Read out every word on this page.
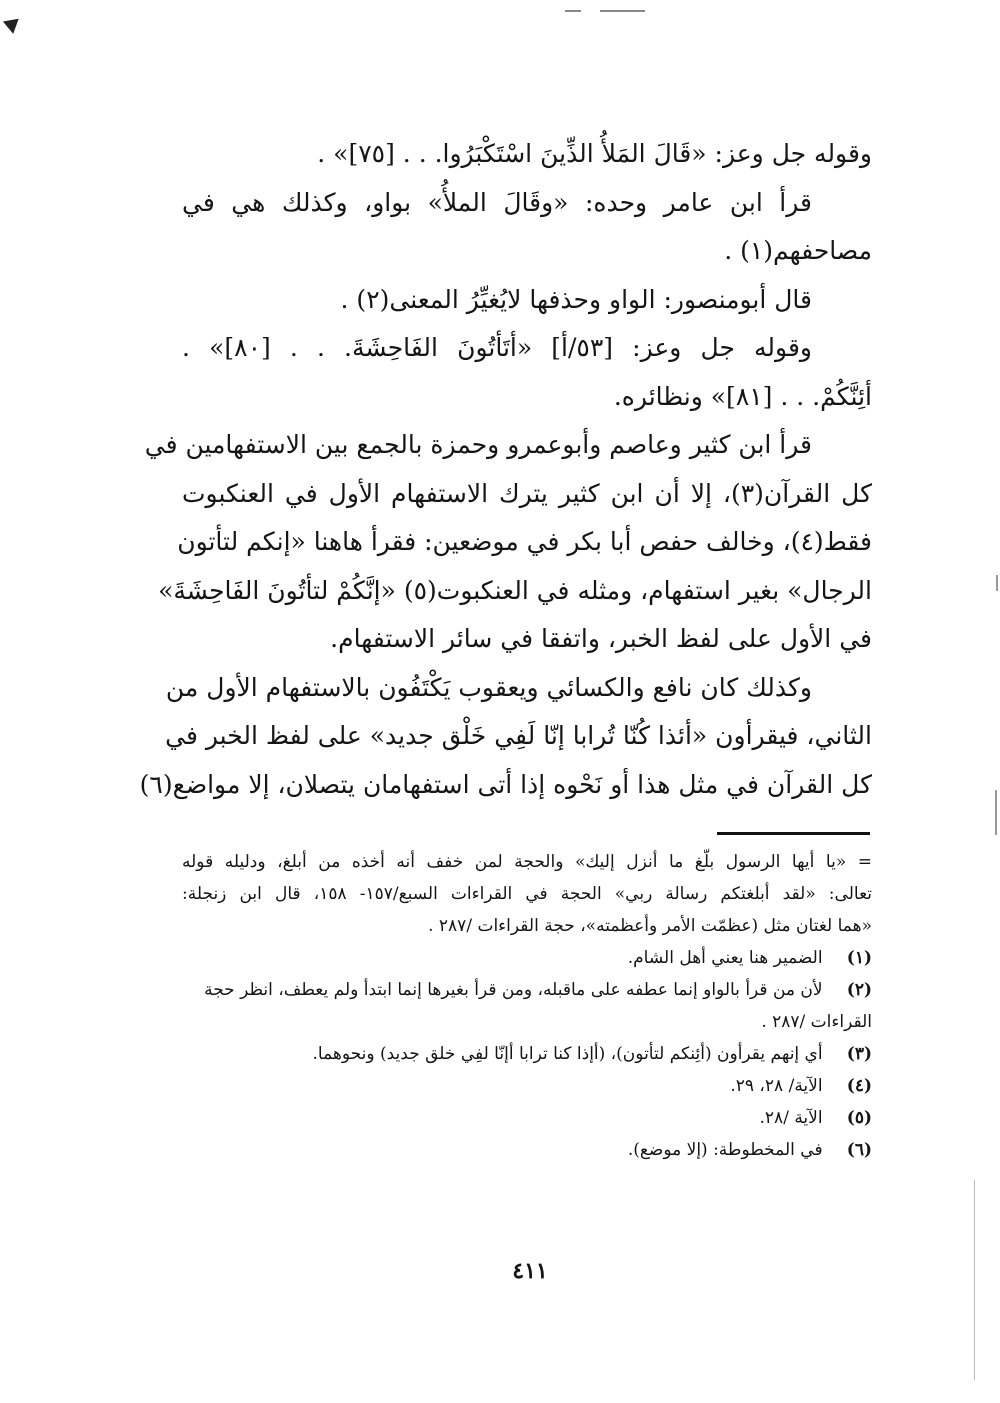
وقوله جل وعز: «قَالَ المَلأُ الذِّينَ اسْتَكْبَرُوا. . . [٧٥]» .
قرأ ابن عامر وحده: «وقَالَ الملأُ» بواو، وكذلك هي في
مصاحفهم(١) .
قال أبومنصور: الواو وحذفها لايُغيِّرُ المعنى(٢) .
وقوله جل وعز: [٥٣/أ] «أتَأتُونَ الفَاحِشَةَ. . . [٨٠]» .
أئِنَّكُمْ. . . [٨١]» ونظائره.
قرأ ابن كثير وعاصم وأبوعمرو وحمزة بالجمع بين الاستفهامين في
كل القرآن(٣)، إلا أن ابن كثير يترك الاستفهام الأول في العنكبوت
فقط(٤)، وخالف حفص أبا بكر في موضعين: فقرأ هاهنا «إنكم لتأتون
الرجال» بغير استفهام، ومثله في العنكبوت(٥) «إنَّكُمْ لتأتُونَ الفَاحِشَةَ»
في الأول على لفظ الخبر، واتفقا في سائر الاستفهام.
وكذلك كان نافع والكسائي ويعقوب يَكْتَفُون بالاستفهام الأول من
الثاني، فيقرأون «أئذا كُنّا تُرابا إنّا لَفِي خَلْق جديد» على لفظ الخبر في
كل القرآن في مثل هذا أو نَحْوه إذا أتى استفهامان يتصلان، إلا مواضع(٦)
= «يا أيها الرسول بلّغ ما أنزل إليك» والحجة لمن خفف أنه أخذه من أبلغ، ودليله قوله
تعالى: «لقد أبلغتكم رسالة ربي» الحجة في القراءات السبع/١٥٧- ١٥٨، قال ابن زنجلة:
«هما لغتان مثل (عظمّت الأمر وأعظمته»، حجة القراءات /٢٨٧ .
(١) الضمير هنا يعني أهل الشام.
(٢) لأن من قرأ بالواو إنما عطفه على ماقبله، ومن قرأ بغيرها إنما ابتدأ ولم يعطف، انظر حجة
القراءات /٢٨٧ .
(٣) أي إنهم يقرأون (أئِنكم لتأتون)، (أإذا كنا ترابا أإنّا لفِي خلق جديد) ونحوهما.
(٤) الآية/ ٢٨، ٢٩.
(٥) الآية /٢٨.
(٦) في المخطوطة: (إلا موضع).
٤١١
